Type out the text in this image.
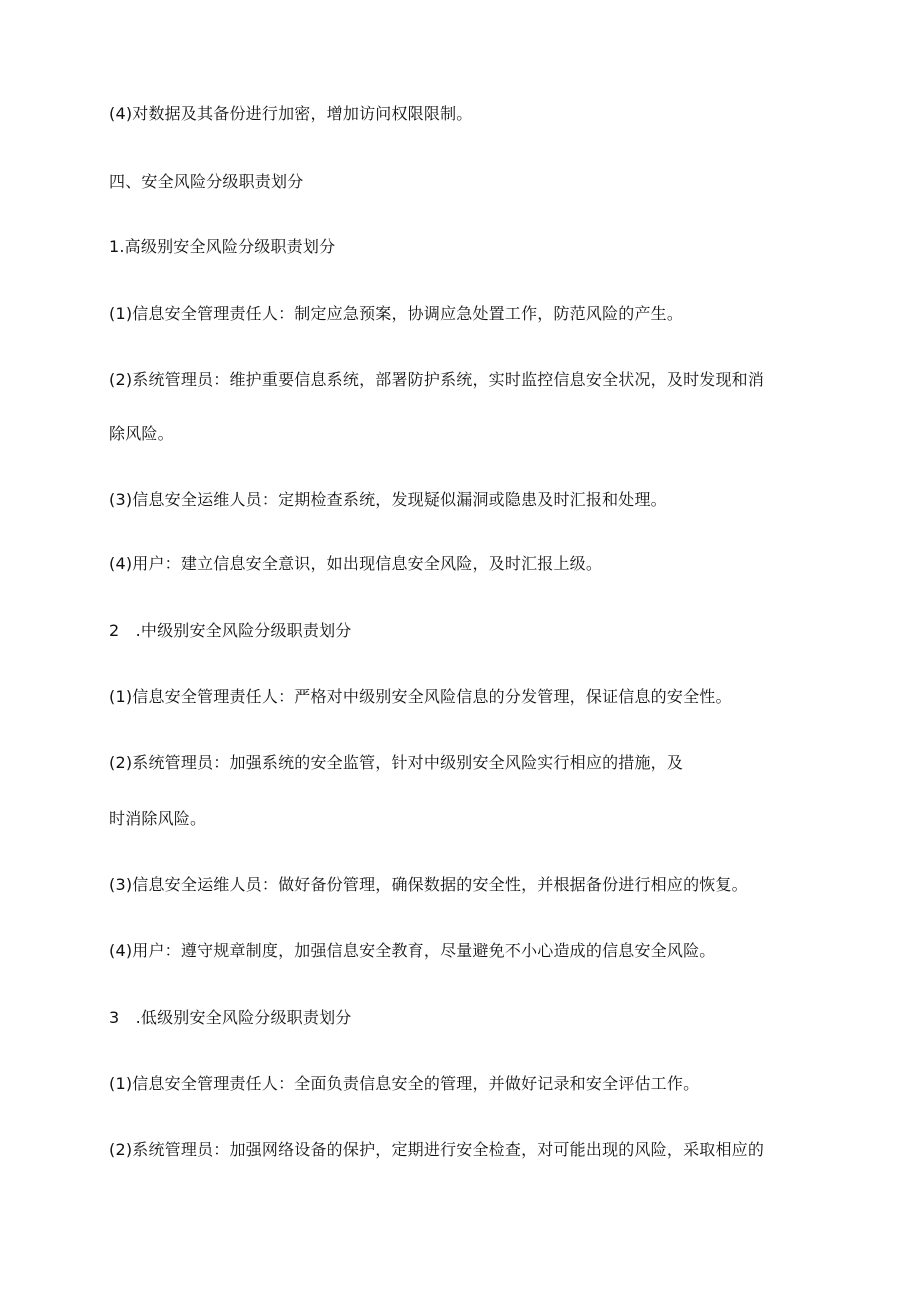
(4)对数据及其备份进行加密，增加访问权限限制。
四、安全风险分级职责划分
1.高级别安全风险分级职责划分
(1)信息安全管理责任人：制定应急预案，协调应急处置工作，防范风险的产生。
(2)系统管理员：维护重要信息系统，部署防护系统，实时监控信息安全状况，及时发现和消
除风险。
(3)信息安全运维人员：定期检查系统，发现疑似漏洞或隐患及时汇报和处理。
(4)用户：建立信息安全意识，如出现信息安全风险，及时汇报上级。
2　.中级别安全风险分级职责划分
(1)信息安全管理责任人：严格对中级别安全风险信息的分发管理，保证信息的安全性。
(2)系统管理员：加强系统的安全监管，针对中级别安全风险实行相应的措施，及
时消除风险。
(3)信息安全运维人员：做好备份管理，确保数据的安全性，并根据备份进行相应的恢复。
(4)用户：遵守规章制度，加强信息安全教育，尽量避免不小心造成的信息安全风险。
3　.低级别安全风险分级职责划分
(1)信息安全管理责任人：全面负责信息安全的管理，并做好记录和安全评估工作。
(2)系统管理员：加强网络设备的保护，定期进行安全检查，对可能出现的风险，采取相应的
